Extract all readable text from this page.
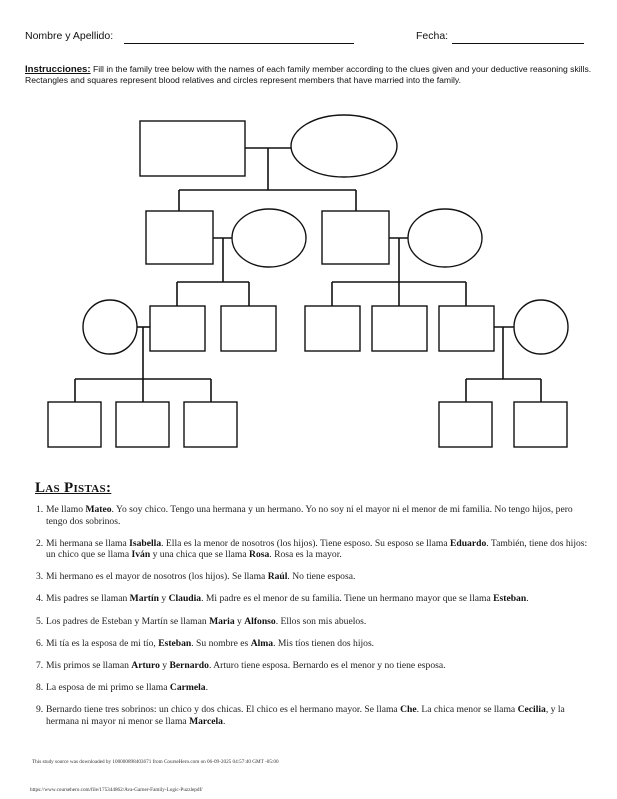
Nombre y Apellido:	Fecha:
Instrucciones: Fill in the family tree below with the names of each family member according to the clues given and your deductive reasoning skills. Rectangles and squares represent blood relatives and circles represent members that have married into the family.
Las Pistas:
1. Me llamo Mateo. Yo soy chico. Tengo una hermana y un hermano. Yo no soy ni el mayor ni el menor de mi familia. No tengo hijos, pero tengo dos sobrinos.
2. Mi hermana se llama Isabella. Ella es la menor de nosotros (los hijos). Tiene esposo. Su esposo se llama Eduardo. También, tiene dos hijos: un chico que se llama Iván y una chica que se llama Rosa. Rosa es la mayor.
3. Mi hermano es el mayor de nosotros (los hijos). Se llama Raúl. No tiene esposa.
4. Mis padres se llaman Martín y Claudia. Mi padre es el menor de su familia. Tiene un hermano mayor que se llama Esteban.
5. Los padres de Esteban y Martín se llaman Maria y Alfonso. Ellos son mis abuelos.
6. Mi tía es la esposa de mi tío, Esteban. Su nombre es Alma. Mis tíos tienen dos hijos.
7. Mis primos se llaman Arturo y Bernardo. Arturo tiene esposa. Bernardo es el menor y no tiene esposa.
8. La esposa de mi primo se llama Carmela.
9. Bernardo tiene tres sobrinos: un chico y dos chicas. El chico es el hermano mayor. Se llama Che. La chica menor se llama Cecilia, y la hermana ni mayor ni menor se llama Marcela.
This study source was downloaded by 100000898403671 from CourseHero.com on 06-09-2025 04:57:40 GMT -05:00
https://www.coursehero.com/file/175344862/Ava-Garner-Family-Logic-Puzzlepdf/
